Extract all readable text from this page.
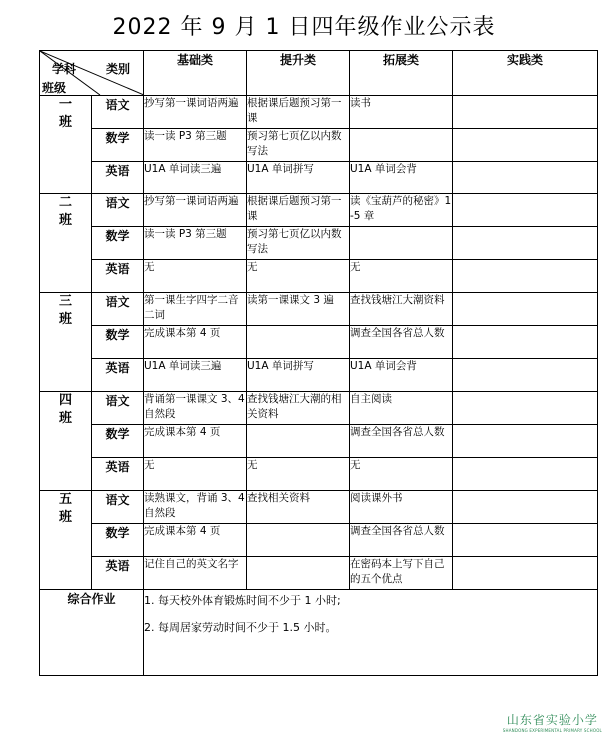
2022 年 9 月 1 日四年级作业公示表
学科 类别
班级		基础类	提升类	拓展类	实践类
一
班	语文	抄写第一课词语两遍	根据课后题预习第一课	读书	
	数学	读一读 P3 第三题	预习第七页亿以内数写法		
	英语	U1A 单词读三遍	U1A 单词拼写	U1A 单词会背	
二
班	语文	抄写第一课词语两遍	根据课后题预习第一课	读《宝葫芦的秘密》1-5 章	
	数学	读一读 P3 第三题	预习第七页亿以内数写法		
	英语	无	无	无	
三
班	语文	第一课生字四字二音二词	读第一课课文 3 遍	查找钱塘江大潮资料	
	数学	完成课本第 4 页		调查全国各省总人数	
	英语	U1A 单词读三遍	U1A 单词拼写	U1A 单词会背	
四
班	语文	背诵第一课课文 3、4 自然段	查找钱塘江大潮的相关资料	自主阅读	
	数学	完成课本第 4 页		调查全国各省总人数	
	英语	无	无	无	
五
班	语文	读熟课文，背诵 3、4 自然段	查找相关资料	阅读课外书	
	数学	完成课本第 4 页		调查全国各省总人数	
	英语	记住自己的英文名字		在密码本上写下自己的五个优点	
综合作业		1. 每天校外体育锻炼时间不少于 1 小时;
2. 每周居家劳动时间不少于 1.5 小时。			
山东省实验小学
SHANDONG EXPERIMENTAL PRIMARY SCHOOL
